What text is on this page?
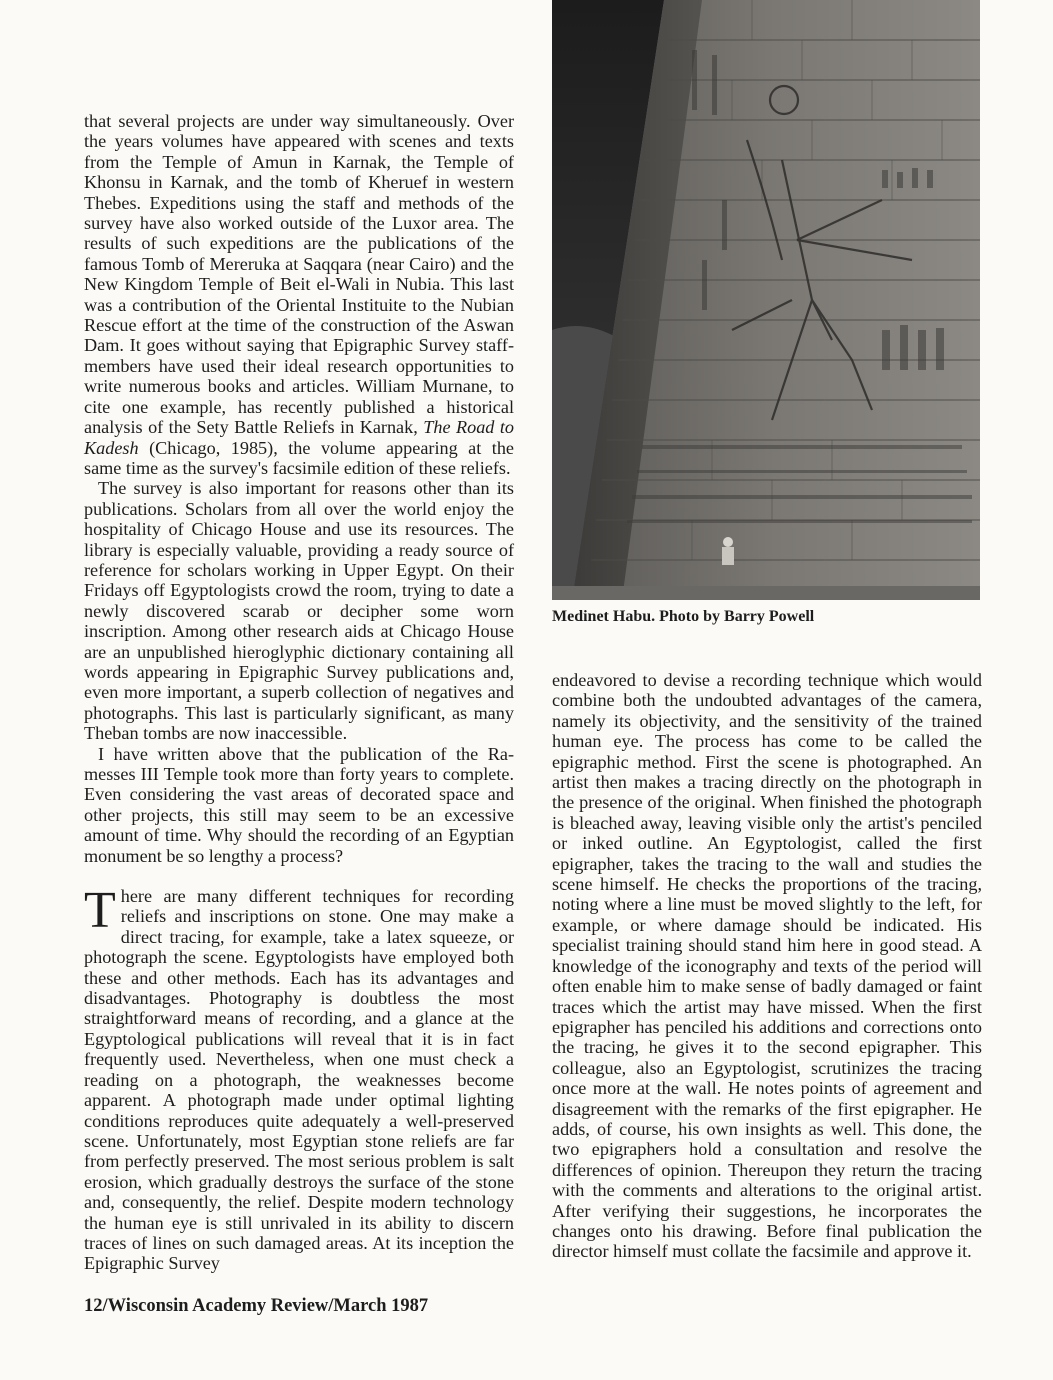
Medinet Habu. Photo by Barry Powell

that several projects are under way simultaneously. Over the years volumes have appeared with scenes and texts from the Temple of Amun in Karnak, the Temple of Khonsu in Karnak, and the tomb of Kheruef in western Thebes. Expeditions using the staff and methods of the survey have also worked outside of the Luxor area. The results of such expeditions are the publications of the famous Tomb of Mereruka at Saqqara (near Cairo) and the New Kingdom Temple of Beit el-Wali in Nubia. This last was a contribution of the Oriental Instituite to the Nubian Rescue effort at the time of the construction of the Aswan Dam. It goes without saying that Epigraphic Survey staff-members have used their ideal research opportunities to write numerous books and articles. William Murnane, to cite one example, has recently published a historical analysis of the Sety Battle Reliefs in Karnak, The Road to Kadesh (Chicago, 1985), the volume appearing at the same time as the survey's facsimile edition of these reliefs.

The survey is also important for reasons other than its publications. Scholars from all over the world enjoy the hospitality of Chicago House and use its resources. The library is especially valuable, providing a ready source of reference for scholars working in Upper Egypt. On their Fridays off Egyptologists crowd the room, trying to date a newly discovered scarab or decipher some worn inscription. Among other research aids at Chicago House are an unpublished hieroglyphic dictionary containing all words appearing in Epigraphic Survey publications and, even more important, a superb collection of negatives and photographs. This last is particularly significant, as many Theban tombs are now inaccessible.

I have written above that the publication of the Ramesses III Temple took more than forty years to complete. Even considering the vast areas of decorated space and other projects, this still may seem to be an excessive amount of time. Why should the recording of an Egyptian monument be so lengthy a process?

There are many different techniques for recording reliefs and inscriptions on stone. One may make a direct tracing, for example, take a latex squeeze, or photograph the scene. Egyptologists have employed both these and other methods. Each has its advantages and disadvantages. Photography is doubtless the most straightforward means of recording, and a glance at the Egyptological publications will reveal that it is in fact frequently used. Nevertheless, when one must check a reading on a photograph, the weaknesses become apparent. A photograph made under optimal lighting conditions reproduces quite adequately a well-preserved scene. Unfortunately, most Egyptian stone reliefs are far from perfectly preserved. The most serious problem is salt erosion, which gradually destroys the surface of the stone and, consequently, the relief. Despite modern technology the human eye is still unrivaled in its ability to discern traces of lines on such damaged areas. At its inception the Epigraphic Survey

endeavored to devise a recording technique which would combine both the undoubted advantages of the camera, namely its objectivity, and the sensitivity of the trained human eye. The process has come to be called the epigraphic method. First the scene is photographed. An artist then makes a tracing directly on the photograph in the presence of the original. When finished the photograph is bleached away, leaving visible only the artist's penciled or inked outline. An Egyptologist, called the first epigrapher, takes the tracing to the wall and studies the scene himself. He checks the proportions of the tracing, noting where a line must be moved slightly to the left, for example, or where damage should be indicated. His specialist training should stand him here in good stead. A knowledge of the iconography and texts of the period will often enable him to make sense of badly damaged or faint traces which the artist may have missed. When the first epigrapher has penciled his additions and corrections onto the tracing, he gives it to the second epigrapher. This colleague, also an Egyptologist, scrutinizes the tracing once more at the wall. He notes points of agreement and disagreement with the remarks of the first epigrapher. He adds, of course, his own insights as well. This done, the two epigraphers hold a consultation and resolve the differences of opinion. Thereupon they return the tracing with the comments and alterations to the original artist. After verifying their suggestions, he incorporates the changes onto his drawing. Before final publication the director himself must collate the facsimile and approve it.

12/Wisconsin Academy Review/March 1987
